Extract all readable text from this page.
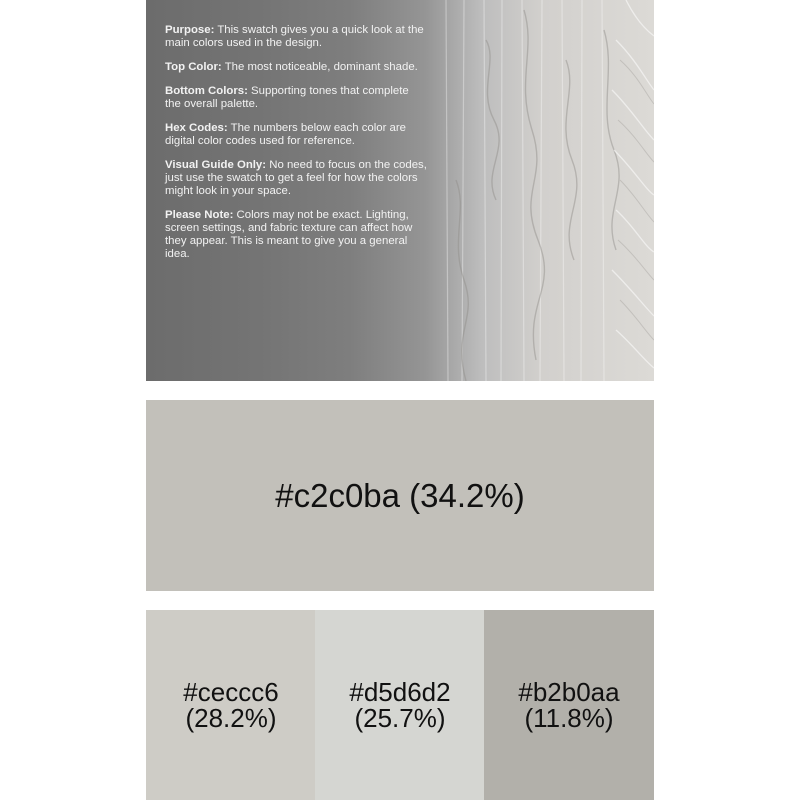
Purpose: This swatch gives you a quick look at the main colors used in the design.

Top Color: The most noticeable, dominant shade.

Bottom Colors: Supporting tones that complete the overall palette.

Hex Codes: The numbers below each color are digital color codes used for reference.

Visual Guide Only: No need to focus on the codes, just use the swatch to get a feel for how the colors might look in your space.

Please Note: Colors may not be exact. Lighting, screen settings, and fabric texture can affect how they appear. This is meant to give you a general idea.

#c2c0ba (34.2%)
#ceccc6
(28.2%)
#d5d6d2
(25.7%)
#b2b0aa
(11.8%)
